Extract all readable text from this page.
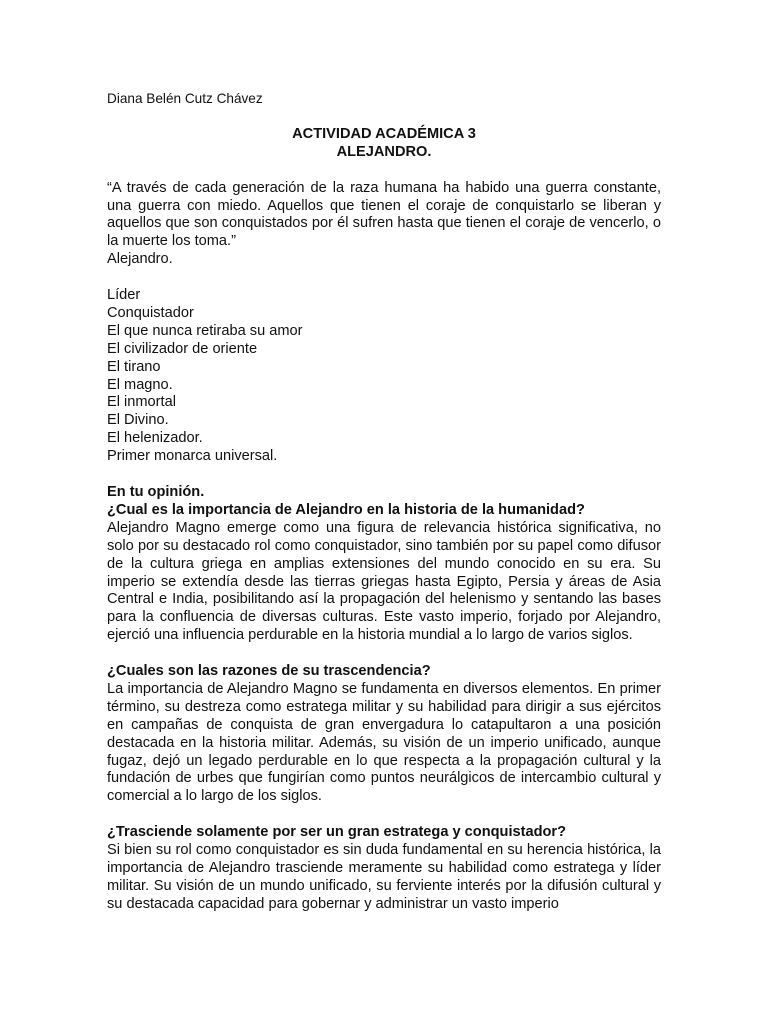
Diana Belén Cutz Chávez

ACTIVIDAD ACADÉMICA 3

ALEJANDRO.

“A través de cada generación de la raza humana ha habido una guerra constante, una guerra con miedo. Aquellos que tienen el coraje de conquistarlo se liberan y aquellos que son conquistados por él sufren hasta que tienen el coraje de vencerlo, o la muerte los toma.”

Alejandro.

Líder
Conquistador
El que nunca retiraba su amor
El civilizador de oriente
El tirano
El magno.
El inmortal
El Divino.
El helenizador.
Primer monarca universal.

En tu opinión.

¿Cual es la importancia de Alejandro en la historia de la humanidad?

Alejandro Magno emerge como una figura de relevancia histórica significativa, no solo por su destacado rol como conquistador, sino también por su papel como difusor de la cultura griega en amplias extensiones del mundo conocido en su era. Su imperio se extendía desde las tierras griegas hasta Egipto, Persia y áreas de Asia Central e India, posibilitando así la propagación del helenismo y sentando las bases para la confluencia de diversas culturas. Este vasto imperio, forjado por Alejandro, ejerció una influencia perdurable en la historia mundial a lo largo de varios siglos.

¿Cuales son las razones de su trascendencia?

La importancia de Alejandro Magno se fundamenta en diversos elementos. En primer término, su destreza como estratega militar y su habilidad para dirigir a sus ejércitos en campañas de conquista de gran envergadura lo catapultaron a una posición destacada en la historia militar. Además, su visión de un imperio unificado, aunque fugaz, dejó un legado perdurable en lo que respecta a la propagación cultural y la fundación de urbes que fungirían como puntos neurálgicos de intercambio cultural y comercial a lo largo de los siglos.

¿Trasciende solamente por ser un gran estratega y conquistador?

Si bien su rol como conquistador es sin duda fundamental en su herencia histórica, la importancia de Alejandro trasciende meramente su habilidad como estratega y líder militar. Su visión de un mundo unificado, su ferviente interés por la difusión cultural y su destacada capacidad para gobernar y administrar un vasto imperio
